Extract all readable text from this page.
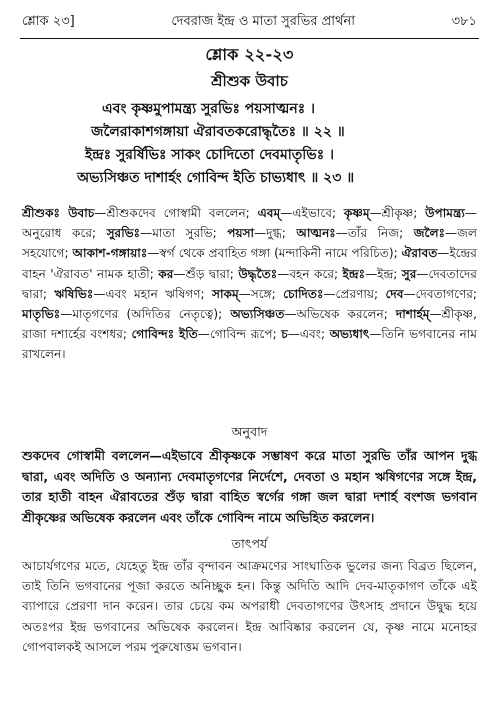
শ্লোক ২৩]	দেবরাজ ইন্দ্র ও মাতা সুরভির প্রার্থনা	৩৮১
শ্লোক ২২-২৩
শ্রীশুক উবাচ
এবং কৃষ্ণমুপামন্ত্র্য সুরভিঃ পয়সাত্মনঃ ।
জলৈরাকাশগঙ্গায়া ঐরাবতকরোদ্ধৃতৈঃ ॥ ২২ ॥
ইন্দ্রঃ সুরর্ষিভিঃ সাকং চোদিতো দেবমাতৃভিঃ ।
অভ্যসিঞ্চত দাশার্হং গোবিন্দ ইতি চাভ্যধাৎ ॥ ২৩ ॥
শ্রীশুকঃ উবাচ—শ্রীশুকদেব গোস্বামী বললেন; এবম্—এইভাবে; কৃষ্ণম্—শ্রীকৃষ্ণ; উপামন্ত্র্য—অনুরোধ করে; সুরভিঃ—মাতা সুরভি; পয়সা—দুগ্ধ; আত্মনঃ—তাঁর নিজ; জলৈঃ—জল সহযোগে; আকাশ-গঙ্গায়াঃ—স্বর্গ থেকে প্রবাহিত গঙ্গা (মন্দাকিনী নামে পরিচিত); ঐরাবত—ইন্দ্রের বাহন 'ঐরাবত' নামক হাতী; কর—শুঁড় দ্বারা; উদ্ধৃতৈঃ—বহন করে; ইন্দ্রঃ—ইন্দ্র; সুর—দেবতাদের দ্বারা; ঋষিভিঃ—এবং মহান ঋষিগণ; সাকম্—সঙ্গে; চোদিতঃ—প্রেরণায়; দেব—দেবতাগণের; মাতৃভিঃ—মাতৃগণের (অদিতির নেতৃত্বে); অভ্যসিঞ্চত—অভিষেক করলেন; দাশার্হম্—শ্রীকৃষ্ণ, রাজা দশার্হের বংশধর; গোবিন্দঃ ইতি—গোবিন্দ রূপে; চ—এবং; অভ্যধাৎ—তিনি ভগবানের নাম রাখলেন।
অনুবাদ
শুকদেব গোস্বামী বললেন—এইভাবে শ্রীকৃষ্ণকে সম্ভাষণ করে মাতা সুরভি তাঁর আপন দুগ্ধ দ্বারা, এবং অদিতি ও অন্যান্য দেবমাতৃগণের নির্দেশে, দেবতা ও মহান ঋষিগণের সঙ্গে ইন্দ্র, তার হাতী বাহন ঐরাবতের শুঁড় দ্বারা বাহিত স্বর্গের গঙ্গা জল দ্বারা দশার্হ বংশজ ভগবান শ্রীকৃষ্ণের অভিষেক করলেন এবং তাঁকে গোবিন্দ নামে অভিহিত করলেন।
তাৎপর্য
আচার্যগণের মতে, যেহেতু ইন্দ্র তাঁর বৃন্দাবন আক্রমণের সাংঘাতিক ভুলের জন্য বিব্রত ছিলেন, তাই তিনি ভগবানের পূজা করতে অনিচ্ছুক হন। কিন্তু অদিতি আদি দেব-মাতৃকাগণ তাঁকে এই ব্যাপারে প্রেরণা দান করেন। তার চেয়ে কম অপরাধী দেবতাগণের উৎসাহ প্রদানে উদ্বুদ্ধ হয়ে অতঃপর ইন্দ্র ভগবানের অভিষেক করলেন। ইন্দ্র আবিষ্কার করলেন যে, কৃষ্ণ নামে মনোহর গোপবালকই আসলে পরম পুরুষোত্তম ভগবান।
